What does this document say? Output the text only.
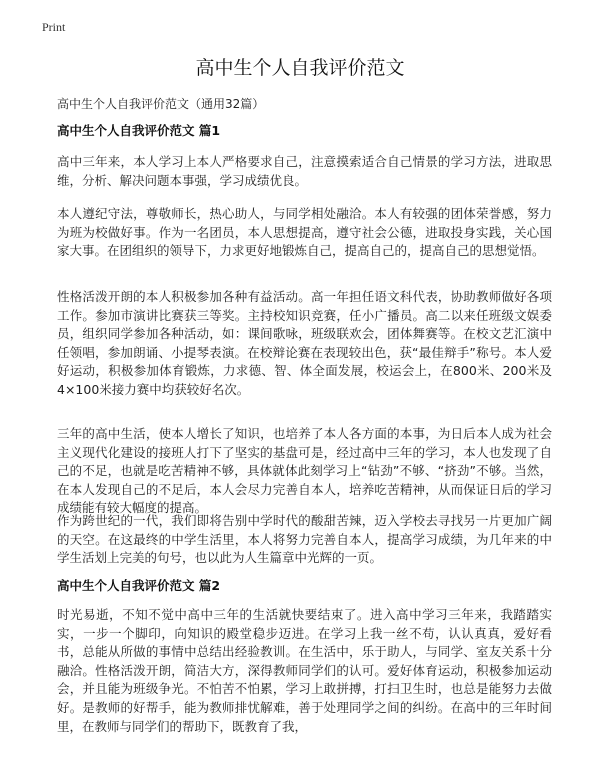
Print
高中生个人自我评价范文
高中生个人自我评价范文（通用32篇）
高中生个人自我评价范文 篇1

高中三年来，本人学习上本人严格要求自己，注意摸索适合自己情景的学习方法，进取思维，分析、解决问题本事强，学习成绩优良。

本人遵纪守法，尊敬师长，热心助人，与同学相处融洽。本人有较强的团体荣誉感，努力为班为校做好事。作为一名团员，本人思想提高，遵守社会公德，进取投身实践，关心国家大事。在团组织的领导下，力求更好地锻炼自己，提高自己的，提高自己的思想觉悟。

性格活泼开朗的本人积极参加各种有益活动。高一年担任语文科代表，协助教师做好各项工作。参加市演讲比赛获三等奖。主持校知识竞赛，任小广播员。高二以来任班级文娱委员，组织同学参加各种活动，如：课间歌咏，班级联欢会，团体舞赛等。在校文艺汇演中任领唱，参加朗诵、小提琴表演。在校辩论赛在表现较出色，获“最佳辩手”称号。本人爱好运动，积极参加体育锻炼，力求德、智、体全面发展，校运会上，在800米、200米及4×100米接力赛中均获较好名次。

三年的高中生活，使本人增长了知识，也培养了本人各方面的本事，为日后本人成为社会主义现代化建设的接班人打下了坚实的基盘可是，经过高中三年的学习，本人也发现了自己的不足，也就是吃苦精神不够，具体就体此刻学习上“钻劲”不够、“挤劲”不够。当然，在本人发现自己的不足后，本人会尽力完善自本人，培养吃苦精神，从而保证日后的学习成绩能有较大幅度的提高。

作为跨世纪的一代，我们即将告别中学时代的酸甜苦辣，迈入学校去寻找另一片更加广阔的天空。在这最终的中学生活里，本人将努力完善自本人，提高学习成绩，为几年来的中学生活划上完美的句号，也以此为人生篇章中光辉的一页。

高中生个人自我评价范文 篇2

时光易逝，不知不觉中高中三年的生活就快要结束了。进入高中学习三年来，我踏踏实实，一步一个脚印，向知识的殿堂稳步迈进。在学习上我一丝不苟，认认真真，爱好看书，总能从所做的事情中总结出经验教训。在生活中，乐于助人，与同学、室友关系十分融洽。性格活泼开朗，简洁大方，深得教师同学们的认可。爱好体育运动，积极参加运动会，并且能为班级争光。不怕苦不怕累，学习上敢拼搏，打扫卫生时，也总是能努力去做好。是教师的好帮手，能为教师排忧解难，善于处理同学之间的纠纷。在高中的三年时间里，在教师与同学们的帮助下，既教育了我，
